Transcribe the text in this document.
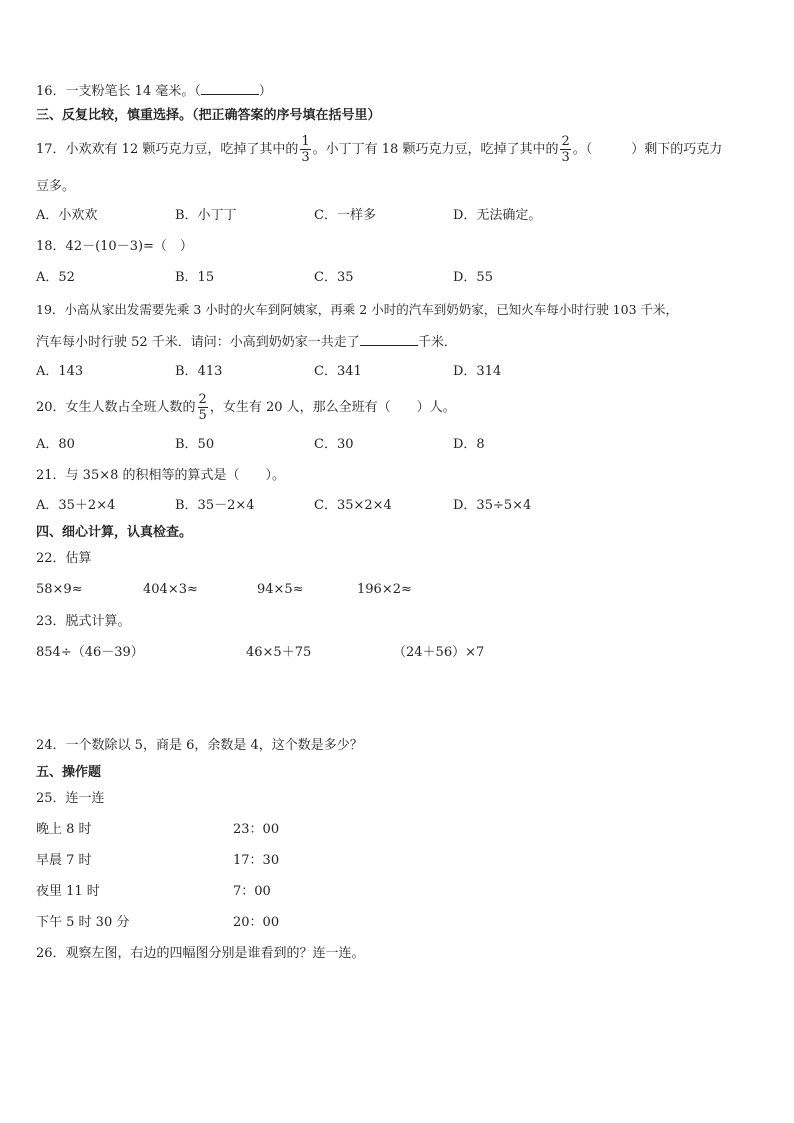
16．一支粉笔长 14 毫米。（	）
三、反复比较，慎重选择。（把正确答案的序号填在括号里）
17．小欢欢有 12 颗巧克力豆，吃掉了其中的 $\frac{1}{3}$ 。小丁丁有 18 颗巧克力豆，吃掉了其中的 $\frac{2}{3}$ 。（　　　）剩下的巧克力
豆多。
A．小欢欢	B．小丁丁	C．一样多	D．无法确定。
18．42－(10－3)=（　）
A．52	B．15	C．35	D．55
19．小高从家出发需要先乘 3 小时的火车到阿姨家，再乘 2 小时的汽车到奶奶家，已知火车每小时行驶 103 千米，
汽车每小时行驶 52 千米．请问：小高到奶奶家一共走了	千米．
A．143	B．413	C．341	D．314
20．女生人数占全班人数的 $\frac{2}{5}$ ，女生有 20 人，那么全班有（　　）人。
A．80	B．50	C．30	D．8
21．与 35×8 的积相等的算式是（　　）。
A．35＋2×4	B．35－2×4	C．35×2×4	D．35÷5×4
四、细心计算，认真检查。
22．估算
58×9≈	404×3≈	94×5≈	196×2≈
23．脱式计算。
854÷（46－39）	46×5＋75	（24＋56）×7
24．一个数除以 5，商是 6，余数是 4，这个数是多少？
五、操作题
25．连一连
晚上 8 时	23：00
早晨 7 时	17：30
夜里 11 时	7：00
下午 5 时 30 分	20：00
26．观察左图，右边的四幅图分别是谁看到的？连一连。
